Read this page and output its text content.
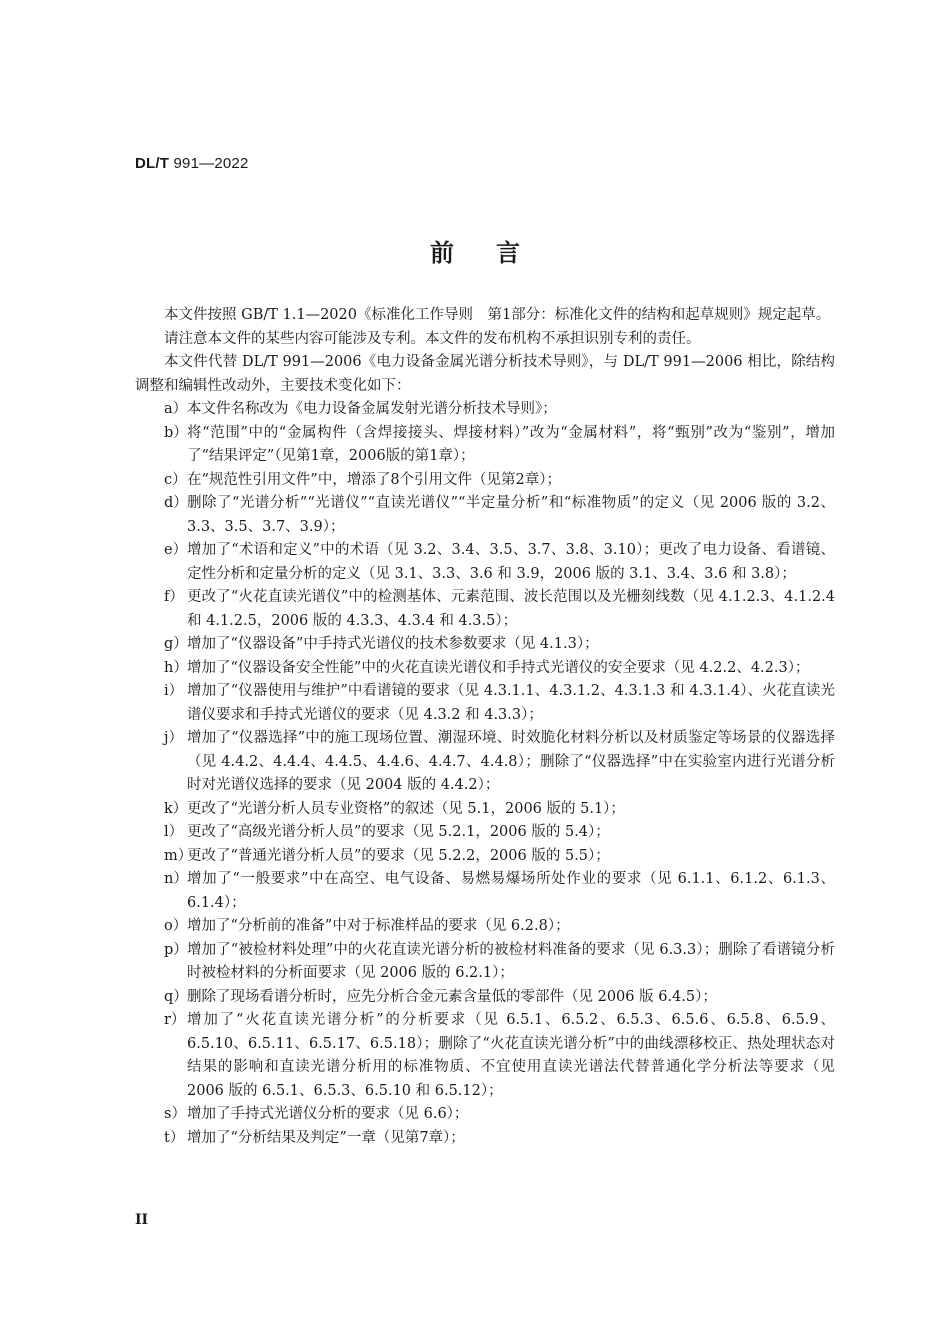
DL/T 991—2022
前言

本文件按照 GB/T 1.1—2020《标准化工作导则　第1部分：标准化文件的结构和起草规则》规定起草。

请注意本文件的某些内容可能涉及专利。本文件的发布机构不承担识别专利的责任。

本文件代替 DL/T 991—2006《电力设备金属光谱分析技术导则》，与 DL/T 991—2006 相比，除结构调整和编辑性改动外，主要技术变化如下：

a） 本文件名称改为《电力设备金属发射光谱分析技术导则》；
b） 将“范围”中的“金属构件（含焊接接头、焊接材料）”改为“金属材料”，将“甄别”改为“鉴别”，增加了“结果评定”（见第1章，2006版的第1章）；
c） 在“规范性引用文件”中，增添了8个引用文件（见第2章）；
d） 删除了“光谱分析”“光谱仪”“直读光谱仪”“半定量分析”和“标准物质”的定义（见 2006 版的 3.2、3.3、3.5、3.7、3.9）；
e） 增加了“术语和定义”中的术语（见 3.2、3.4、3.5、3.7、3.8、3.10）；更改了电力设备、看谱镜、定性分析和定量分析的定义（见 3.1、3.3、3.6 和 3.9，2006 版的 3.1、3.4、3.6 和 3.8）；
f） 更改了“火花直读光谱仪”中的检测基体、元素范围、波长范围以及光栅刻线数（见 4.1.2.3、4.1.2.4 和 4.1.2.5，2006 版的 4.3.3、4.3.4 和 4.3.5）；
g） 增加了“仪器设备”中手持式光谱仪的技术参数要求（见 4.1.3）；
h） 增加了“仪器设备安全性能”中的火花直读光谱仪和手持式光谱仪的安全要求（见 4.2.2、4.2.3）；
i） 增加了“仪器使用与维护”中看谱镜的要求（见 4.3.1.1、4.3.1.2、4.3.1.3 和 4.3.1.4）、火花直读光谱仪要求和手持式光谱仪的要求（见 4.3.2 和 4.3.3）；
j） 增加了“仪器选择”中的施工现场位置、潮湿环境、时效脆化材料分析以及材质鉴定等场景的仪器选择（见 4.4.2、4.4.4、4.4.5、4.4.6、4.4.7、4.4.8）；删除了“仪器选择”中在实验室内进行光谱分析时对光谱仪选择的要求（见 2004 版的 4.4.2）；
k） 更改了“光谱分析人员专业资格”的叙述（见 5.1，2006 版的 5.1）；
l） 更改了“高级光谱分析人员”的要求（见 5.2.1，2006 版的 5.4）；
m）
更改了“普通光谱分析人员”的要求（见 5.2.2，2006 版的 5.5）；
n） 增加了“一般要求”中在高空、电气设备、易燃易爆场所处作业的要求（见 6.1.1、6.1.2、6.1.3、6.1.4）；
o） 增加了“分析前的准备”中对于标准样品的要求（见 6.2.8）；
p） 增加了“被检材料处理”中的火花直读光谱分析的被检材料准备的要求（见 6.3.3）；删除了看谱镜分析时被检材料的分析面要求（见 2006 版的 6.2.1）；
q） 删除了现场看谱分析时，应先分析合金元素含量低的零部件（见 2006 版 6.4.5）；
r） 增加了“火花直读光谱分析”的分析要求（见 6.5.1、6.5.2、6.5.3、6.5.6、6.5.8、6.5.9、6.5.10、6.5.11、6.5.17、6.5.18）；删除了“火花直读光谱分析”中的曲线漂移校正、热处理状态对结果的影响和直读光谱分析用的标准物质、不宜使用直读光谱法代替普通化学分析法等要求（见 2006 版的 6.5.1、6.5.3、6.5.10 和 6.5.12）；
s） 增加了手持式光谱仪分析的要求（见 6.6）；
t） 增加了“分析结果及判定”一章（见第7章）；
II
